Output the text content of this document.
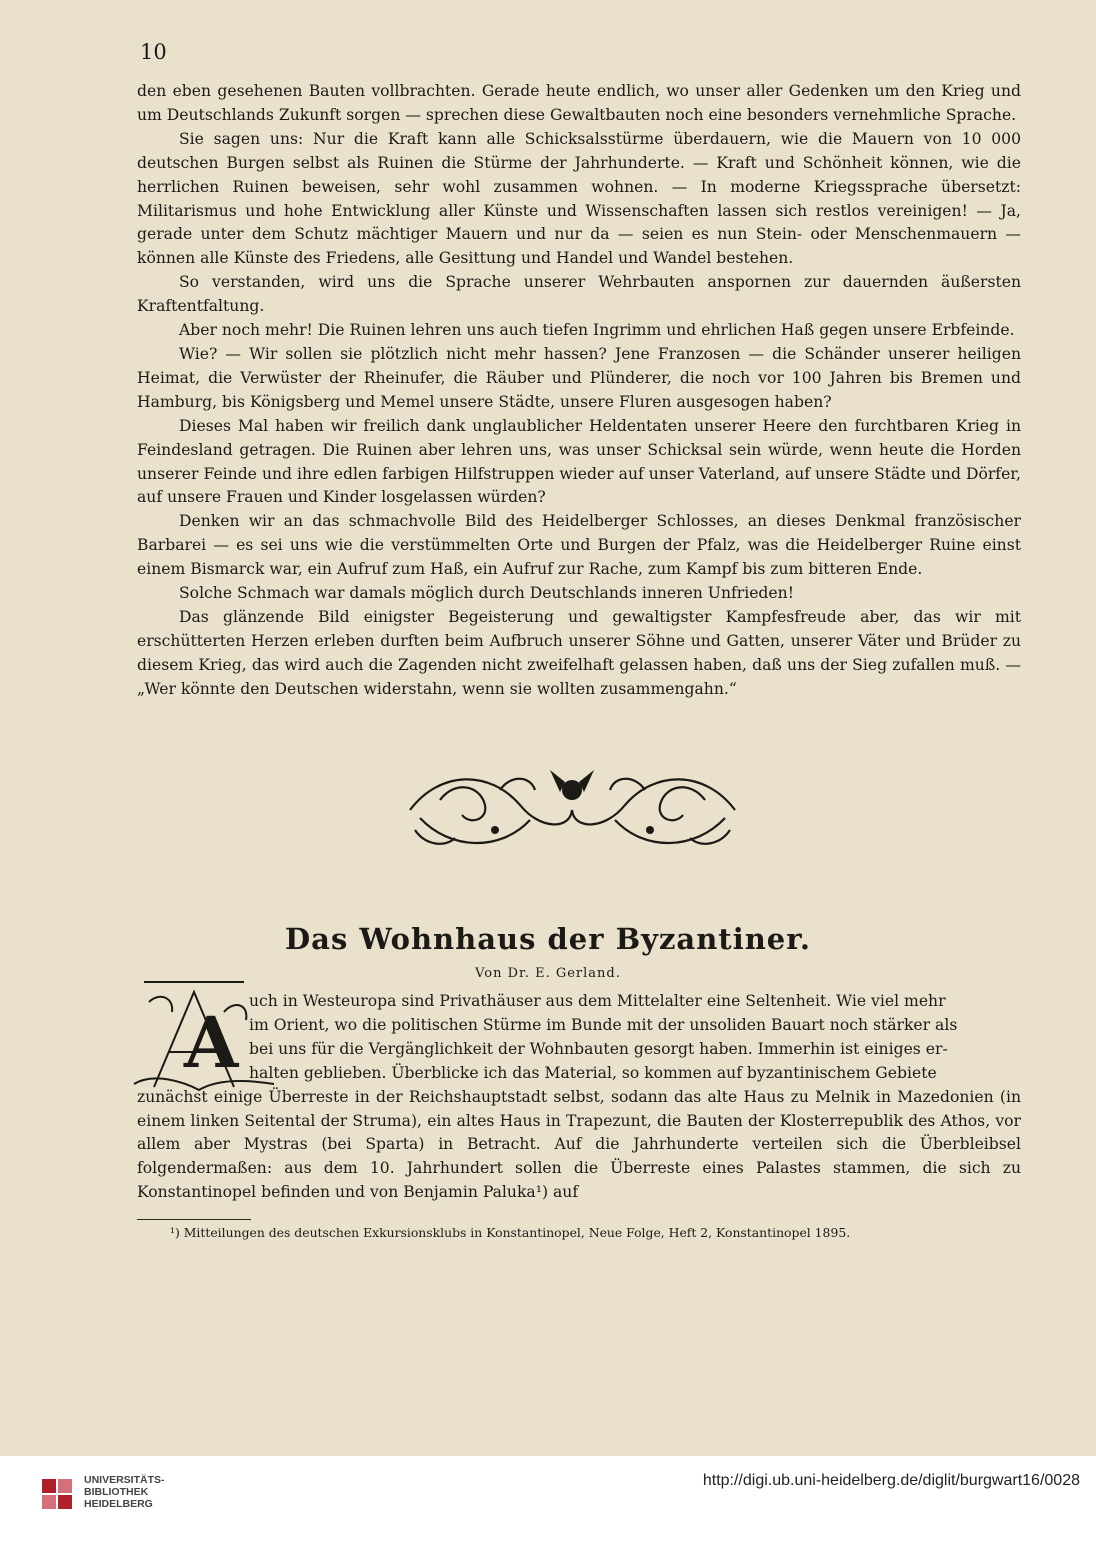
10

den eben gesehenen Bauten vollbrachten. Gerade heute endlich, wo unser aller Gedenken um den Krieg und um Deutschlands Zukunft sorgen — sprechen diese Gewaltbauten noch eine besonders vernehmliche Sprache.

Sie sagen uns: Nur die Kraft kann alle Schicksalsstürme überdauern, wie die Mauern von 10 000 deutschen Burgen selbst als Ruinen die Stürme der Jahrhunderte. — Kraft und Schönheit können, wie die herrlichen Ruinen beweisen, sehr wohl zusammen wohnen. — In moderne Kriegssprache übersetzt: Militarismus und hohe Entwicklung aller Künste und Wissenschaften lassen sich restlos vereinigen! — Ja, gerade unter dem Schutz mächtiger Mauern und nur da — seien es nun Stein- oder Menschenmauern — können alle Künste des Friedens, alle Gesittung und Handel und Wandel bestehen.

So verstanden, wird uns die Sprache unserer Wehrbauten anspornen zur dauernden äußersten Kraftentfaltung.

Aber noch mehr! Die Ruinen lehren uns auch tiefen Ingrimm und ehrlichen Haß gegen unsere Erbfeinde.

Wie? — Wir sollen sie plötzlich nicht mehr hassen? Jene Franzosen — die Schänder unserer heiligen Heimat, die Verwüster der Rheinufer, die Räuber und Plünderer, die noch vor 100 Jahren bis Bremen und Hamburg, bis Königsberg und Memel unsere Städte, unsere Fluren ausgesogen haben?

Dieses Mal haben wir freilich dank unglaublicher Heldentaten unserer Heere den furchtbaren Krieg in Feindesland getragen. Die Ruinen aber lehren uns, was unser Schicksal sein würde, wenn heute die Horden unserer Feinde und ihre edlen farbigen Hilfstruppen wieder auf unser Vaterland, auf unsere Städte und Dörfer, auf unsere Frauen und Kinder losgelassen würden?

Denken wir an das schmachvolle Bild des Heidelberger Schlosses, an dieses Denkmal französischer Barbarei — es sei uns wie die verstümmelten Orte und Burgen der Pfalz, was die Heidelberger Ruine einst einem Bismarck war, ein Aufruf zum Haß, ein Aufruf zur Rache, zum Kampf bis zum bitteren Ende.

Solche Schmach war damals möglich durch Deutschlands inneren Unfrieden!

Das glänzende Bild einigster Begeisterung und gewaltigster Kampfesfreude aber, das wir mit erschütterten Herzen erleben durften beim Aufbruch unserer Söhne und Gatten, unserer Väter und Brüder zu diesem Krieg, das wird auch die Zagenden nicht zweifelhaft gelassen haben, daß uns der Sieg zufallen muß. — „Wer könnte den Deutschen widerstahn, wenn sie wollten zusammengahn.“

Das Wohnhaus der Byzantiner.
Von Dr. E. Gerland.
A uch in Westeuropa sind Privathäuser aus dem Mittelalter eine Seltenheit. Wie viel mehr
im Orient, wo die politischen Stürme im Bunde mit der unsoliden Bauart noch stärker als
bei uns für die Vergänglichkeit der Wohnbauten gesorgt haben. Immerhin ist einiges er-
halten geblieben. Überblicke ich das Material, so kommen auf byzantinischem Gebiete

zunächst einige Überreste in der Reichshauptstadt selbst, sodann das alte Haus zu Melnik in Mazedonien (in einem linken Seitental der Struma), ein altes Haus in Trapezunt, die Bauten der Klosterrepublik des Athos, vor allem aber Mystras (bei Sparta) in Betracht. Auf die Jahrhunderte verteilen sich die Überbleibsel folgendermaßen: aus dem 10. Jahrhundert sollen die Überreste eines Palastes stammen, die sich zu Konstantinopel befinden und von Benjamin Paluka¹) auf

¹) Mitteilungen des deutschen Exkursionsklubs in Konstantinopel, Neue Folge, Heft 2, Konstantinopel 1895.
UNIVERSITÄTS-
BIBLIOTHEK
HEIDELBERG
http://digi.ub.uni-heidelberg.de/diglit/burgwart16/0028
